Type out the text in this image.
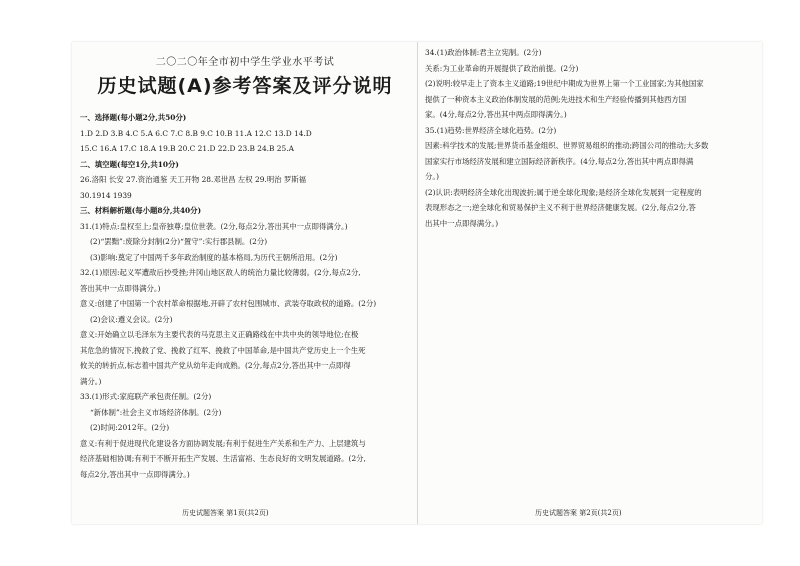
二〇二〇年全市初中学生学业水平考试
历史试题(A)参考答案及评分说明
一、选择题(每小题2分,共50分)
1.D 2.D 3.B 4.C 5.A 6.C 7.C 8.B 9.C 10.B 11.A 12.C 13.D 14.D
15.C 16.A 17.C 18.A 19.B 20.C 21.D 22.D 23.B 24.B 25.A
二、填空题(每空1分,共10分)
26.洛阳 长安 27.资治通鉴 天工开物 28.邓世昌 左权 29.明治 罗斯福
30.1914 1939
三、材料解析题(每小题8分,共40分)
31.(1)特点:皇权至上;皇帝独尊;皇位世袭。(2分,每点2分,答出其中一点即得满分。)
(2)“罢黜”:废除分封制(2分)“置守”:实行郡县制。(2分)
(3)影响:奠定了中国两千多年政治制度的基本格局,为历代王朝所沿用。(2分)
32.(1)原因:起义军遭敌后抄受挫;井冈山地区敌人的统治力量比较薄弱。(2分,每点2分,
答出其中一点即得满分。)
意义:创建了中国第一个农村革命根据地,开辟了农村包围城市、武装夺取政权的道路。(2分)
(2)会议:遵义会议。(2分)
意义:开始确立以毛泽东为主要代表的马克思主义正确路线在中共中央的领导地位;在极
其危急的情况下,挽救了党、挽救了红军、挽救了中国革命,是中国共产党历史上一个生死
攸关的转折点,标志着中国共产党从幼年走向成熟。(2分,每点2分,答出其中一点即得
满分。)
33.(1)形式:家庭联产承包责任制。(2分)
“新体制”:社会主义市场经济体制。(2分)
(2)时间:2012年。(2分)
意义:有利于促进现代化建设各方面协调发展;有利于促进生产关系和生产力、上层建筑与
经济基础相协调;有利于不断开拓生产发展、生活富裕、生态良好的文明发展道路。(2分,
每点2分,答出其中一点即得满分。)
34.(1)政治体制:君主立宪制。(2分)
关系:为工业革命的开展提供了政治前提。(2分)
(2)说明:较早走上了资本主义道路;19世纪中期成为世界上第一个工业国家;为其他国家
提供了一种资本主义政治体制发展的范例;先进技术和生产经验传播到其他西方国
家。(4分,每点2分,答出其中两点即得满分。)
35.(1)趋势:世界经济全球化趋势。(2分)
因素:科学技术的发展;世界货币基金组织、世界贸易组织的推动;跨国公司的推动;大多数
国家实行市场经济发展和建立国际经济新秩序。(4分,每点2分,答出其中两点即得满
分。)
(2)认识:表明经济全球化出现波折;属于逆全球化现象;是经济全球化发展到一定程度的
表现形态之一;逆全球化和贸易保护主义不利于世界经济健康发展。(2分,每点2分,答
出其中一点即得满分。)
历史试题答案 第1页(共2页)	历史试题答案 第2页(共2页)
